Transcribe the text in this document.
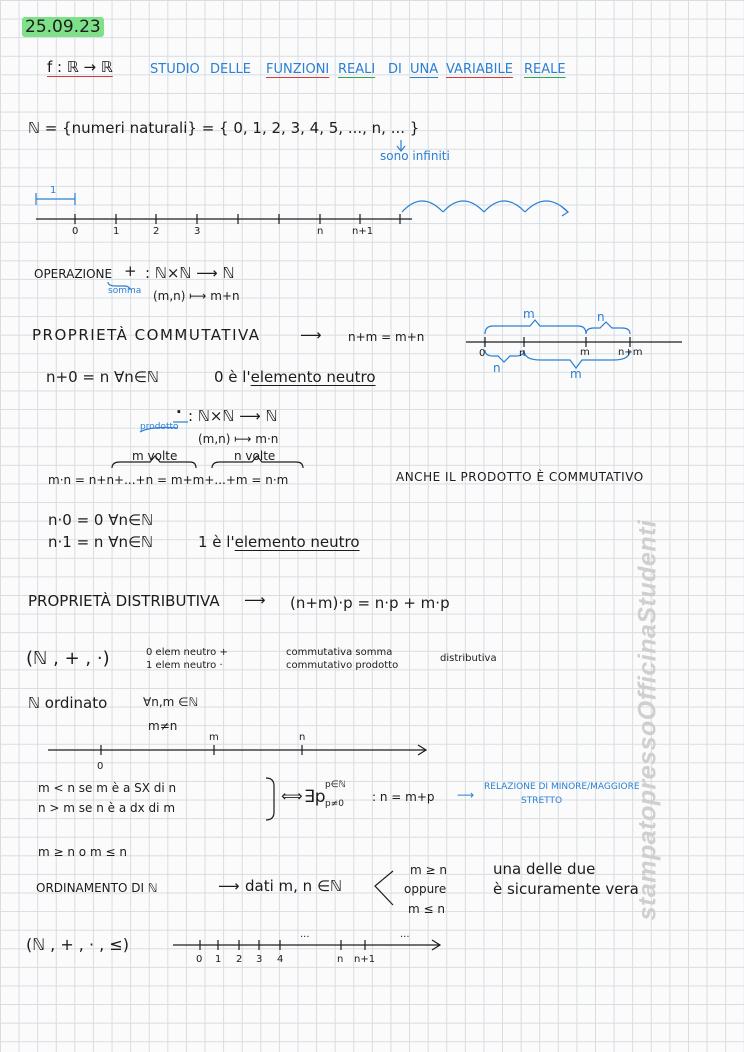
stampatopressoOfficinaStudenti
25.09.23
f : ℝ → ℝ	STUDIO DELLE FUNZIONI REALI DI UNA VARIABILE REALE
ℕ = {numeri naturali} = { 0, 1, 2, 3, 4, 5, ..., n, ... }
sono infiniti
1
0	1	2	3	n	n+1
OPERAZIONE +
somma
: ℕ×ℕ ⟶ ℕ
(m,n) ⟼ m+n
PROPRIETÀ COMMUTATIVA	⟶ n+m = m+n
m	n
0	n	m	n+m
n	m
n+0 = n ∀n∈ℕ	0 è l'elemento neutro
· : ℕ×ℕ ⟶ ℕ
prodotto
(m,n) ⟼ m·n
m volte	n volte
m·n = n+n+...+n = m+m+...+m = n·m	ANCHE IL PRODOTTO È COMMUTATIVO
n·0 = 0 ∀n∈ℕ
n·1 = n ∀n∈ℕ	1 è l'elemento neutro
PROPRIETÀ DISTRIBUTIVA ⟶ (n+m)·p = n·p + m·p
(ℕ , + , ·)	0 elem neutro +
1 elem neutro ·
commutativa somma
commutativo prodotto
distributiva
ℕ ordinato	∀n,m ∈ℕ
m≠n
0
m	n
m < n se m è a SX di n
n > m se n è a dx di m
⟺ ∃p
p∈ℕ
p≠0 : n = m+p ⟶
RELAZIONE DI MINORE/MAGGIORE
STRETTO
m ≥ n o m ≤ n
ORDINAMENTO DI ℕ	⟶ dati m, n ∈ℕ
m ≥ n
oppure
m ≤ n
una delle due
è sicuramente vera
(ℕ , + , · , ≤)
0 1 2 3 4	n n+1
...	...
